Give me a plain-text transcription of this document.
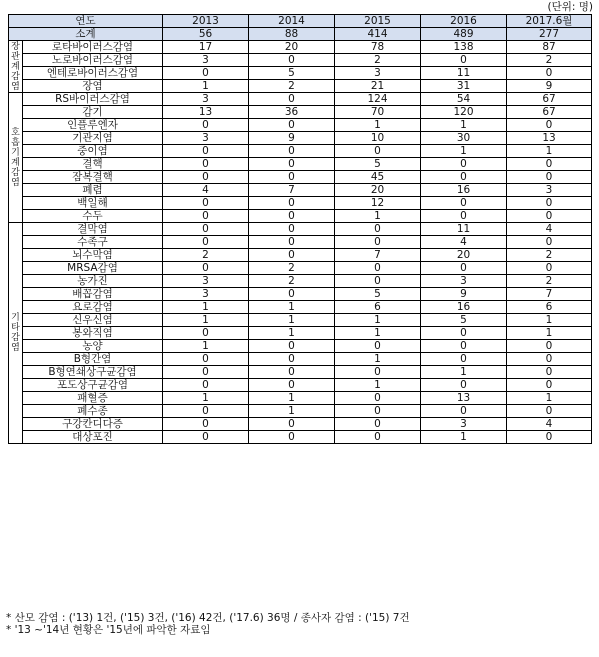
(단위: 명)
연도		2013	2014	2015	2016	2017.6월
소계		56	88	414	489	277
장관계감염	로타바이러스감염	17	20	78	138	87
	노로바이러스감염	3	0	2	0	2
	엔테로바이러스감염	0	5	3	11	0
	장염	1	2	21	31	9
호흡기계감염	RS바이러스감염	3	0	124	54	67
	감기	13	36	70	120	67
	인플루엔자	0	0	1	1	0
	기관지염	3	9	10	30	13
	중이염	0	0	0	1	1
	결핵	0	0	5	0	0
	잠복결핵	0	0	45	0	0
	폐렴	4	7	20	16	3
	백일해	0	0	12	0	0
	수두	0	0	1	0	0
기타감염	결막염	0	0	0	11	4
	수족구	0	0	0	4	0
	뇌수막염	2	0	7	20	2
	MRSA감염	0	2	0	0	0
	농가진	3	2	0	3	2
	배꼽감염	3	0	5	9	7
	요로감염	1	1	6	16	6
	신우신염	1	1	1	5	1
	봉와직염	0	1	1	0	1
	농양	1	0	0	0	0
	B형간염	0	0	1	0	0
	B형연쇄상구균감염	0	0	0	1	0
	포도상구균감염	0	0	1	0	0
	패혈증	1	1	0	13	1
	폐수종	0	1	0	0	0
	구강칸디다증	0	0	0	3	4
	대상포진	0	0	0	1	0
* 산모 감염 : ('13) 1건, ('15) 3건, ('16) 42건, ('17.6) 36명 / 종사자 감염 : ('15) 7건
* '13 ~'14년 현황은 '15년에 파악한 자료임
